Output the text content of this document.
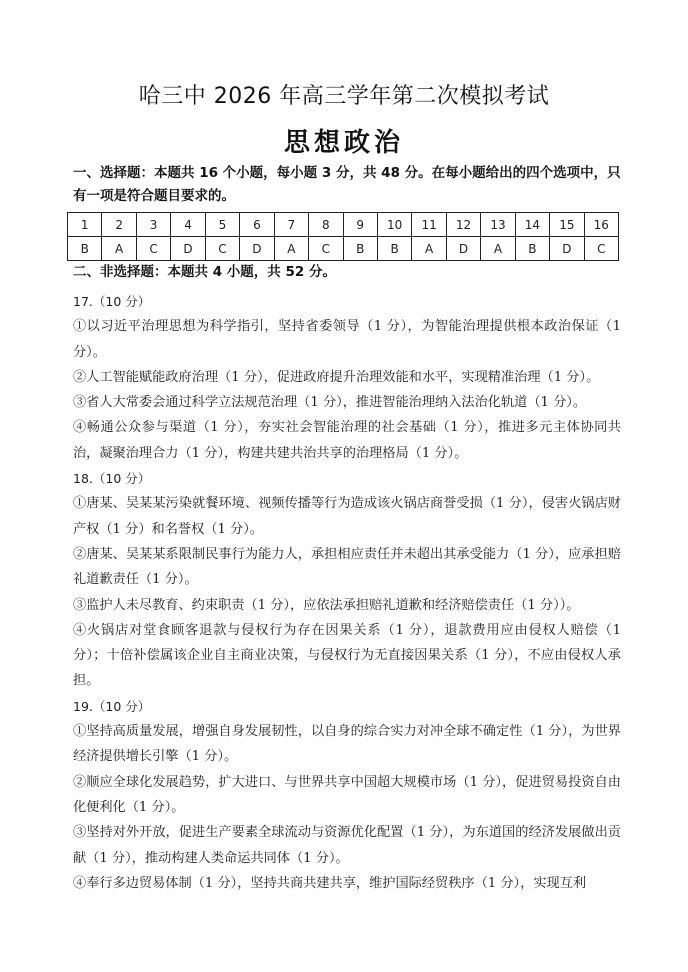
哈三中 2026 年高三学年第二次模拟考试
思想政治
一、选择题：本题共 16 个小题，每小题 3 分，共 48 分。在每小题给出的四个选项中，只有一项是符合题目要求的。
1	2	3	4	5	6	7	8	9	10	11	12	13	14	15	16
B	A	C	D	C	D	A	C	B	B	A	D	A	B	D	C
二、非选择题：本题共 4 小题，共 52 分。

17.（10 分）

①以习近平治理思想为科学指引，坚持省委领导（1 分），为智能治理提供根本政治保证（1 分）。

②人工智能赋能政府治理（1 分），促进政府提升治理效能和水平，实现精准治理（1 分）。

③省人大常委会通过科学立法规范治理（1 分），推进智能治理纳入法治化轨道（1 分）。

④畅通公众参与渠道（1 分），夯实社会智能治理的社会基础（1 分），推进多元主体协同共治，凝聚治理合力（1 分），构建共建共治共享的治理格局（1 分）。

18.（10 分）

①唐某、吴某某污染就餐环境、视频传播等行为造成该火锅店商誉受损（1 分），侵害火锅店财产权（1 分）和名誉权（1 分）。

②唐某、吴某某系限制民事行为能力人，承担相应责任并未超出其承受能力（1 分），应承担赔礼道歉责任（1 分）。

③监护人未尽教育、约束职责（1 分），应依法承担赔礼道歉和经济赔偿责任（1 分））。

④火锅店对堂食顾客退款与侵权行为存在因果关系（1 分），退款费用应由侵权人赔偿（1 分）；十倍补偿属该企业自主商业决策，与侵权行为无直接因果关系（1 分），不应由侵权人承担。

19.（10 分）

①坚持高质量发展，增强自身发展韧性，以自身的综合实力对冲全球不确定性（1 分），为世界经济提供增长引擎（1 分）。

②顺应全球化发展趋势，扩大进口、与世界共享中国超大规模市场（1 分），促进贸易投资自由化便利化（1 分）。

③坚持对外开放，促进生产要素全球流动与资源优化配置（1 分），为东道国的经济发展做出贡献（1 分），推动构建人类命运共同体（1 分）。

④奉行多边贸易体制（1 分），坚持共商共建共享，维护国际经贸秩序（1 分），实现互利
